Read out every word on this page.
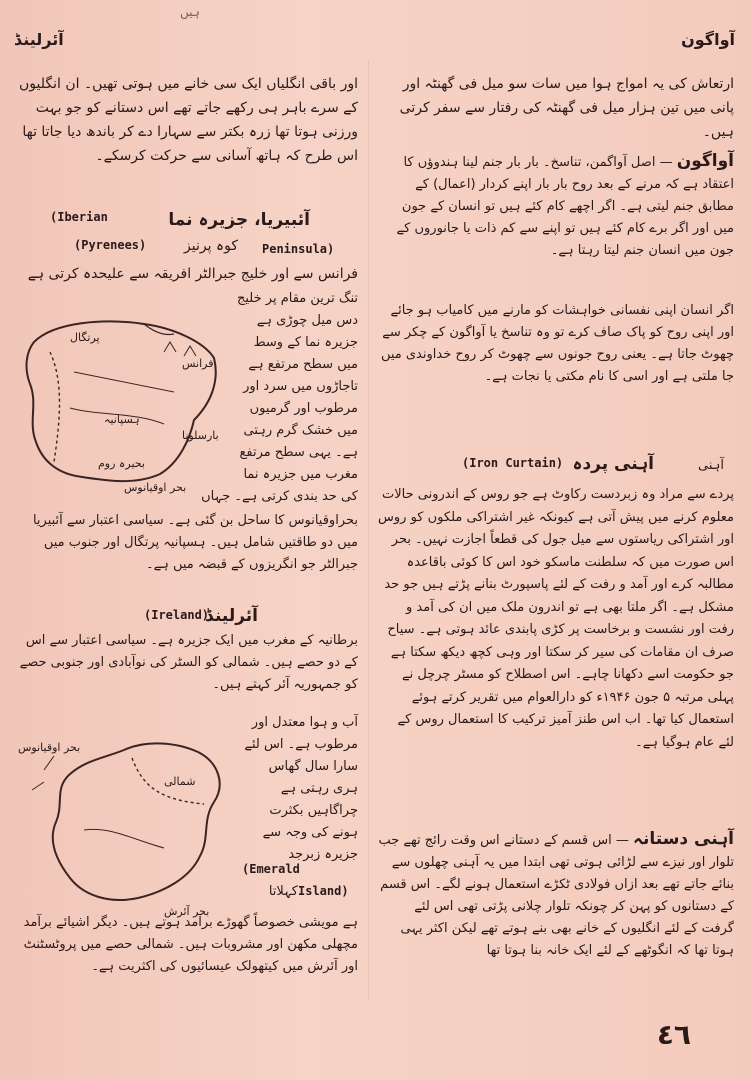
ہیں
آئرلینڈ	آواگون

اور باقی انگلیاں ایک سی خانے میں ہوتی تھیں۔ ان انگلیوں کے سرے باہر ہی رکھے جاتے تھے اس دستانے کو جو بہت ورزنی ہوتا تھا زرہ بکتر سے سہارا دے کر باندھ دیا جاتا تھا اس طرح کہ ہاتھ آسانی سے حرکت کرسکے۔

(Iberian	آئبیریا، جزیرہ نما
(Pyrenees)	کوہ پرنیز Peninsula)

فرانس سے اور خلیج جبرالٹر افریقہ سے علیحدہ کرتی ہے

تنگ ترین مقام پر خلیج دس میل چوڑی ہے جزیرہ نما کے وسط میں سطح مرتفع ہے تاجاڑوں میں سرد اور مرطوب اور گرمیوں میں خشک گرم رہتی ہے۔ یہی سطح مرتفع مغرب میں جزیرہ نما کی حد بندی کرتی ہے۔ جہاں

پرتگال
فرانس
بارسلونا
ہسپانیہ
بحیرہ روم
بحر اوقیانوس

بحراوقیانوس کا ساحل بن گئی ہے۔ سیاسی اعتبار سے آئبیریا میں دو طاقتیں شامل ہیں۔ ہسپانیہ پرتگال اور جنوب میں جبرالٹر جو انگریزوں کے قبضہ میں ہے۔

آئرلینڈ
(Ireland)

برطانیہ کے مغرب میں ایک جزیرہ ہے۔ سیاسی اعتبار سے اس کے دو حصے ہیں۔ شمالی کو السٹر کی نوآبادی اور جنوبی حصے کو جمہوریہ آئر کہتے ہیں۔

آب و ہوا معتدل اور مرطوب ہے۔ اس لئے سارا سال گھاس ہری رہتی ہے چراگاہیں بکثرت ہونے کی وجہ سے جزیرہ زبرجد

(Emerald
کہلاتا Island)
شمالی
بحر اوقیانوس
بحر آئرش

ہے مویشی خصوصاً گھوڑے برآمد ہوتے ہیں۔ دیگر اشیائے برآمد مچھلی مکھن اور مشروبات ہیں۔ شمالی حصے میں پروٹسٹنٹ اور آئرش میں کیتھولک عیسائیوں کی اکثریت ہے۔

ارتعاش کی یہ امواج ہوا میں سات سو میل فی گھنٹہ اور پانی میں تین ہزار میل فی گھنٹہ کی رفتار سے سفر کرتی ہیں۔

آواگون — اصل آواگمن، تناسخ۔ بار بار جنم لینا ہندوؤں کا اعتقاد ہے کہ مرنے کے بعد روح بار بار اپنے کردار (اعمال) کے مطابق جنم لیتی ہے۔ اگر اچھے کام کئے ہیں تو انسان کے جون میں اور اگر برے کام کئے ہیں تو اپنے سے کم ذات یا جانوروں کے جون میں انسان جنم لیتا رہتا ہے۔

اگر انسان اپنی نفسانی خواہشات کو مارنے میں کامیاب ہو جائے اور اپنی روح کو پاک صاف کرے تو وہ تناسخ یا آواگون کے چکر سے چھوٹ جاتا ہے۔ یعنی روح جونوں سے چھوٹ کر روح خداوندی میں جا ملتی ہے اور اسی کا نام مکتی یا نجات ہے۔

آہنی پردہ
(Iron Curtain)	آہنی

پردے سے مراد وہ زبردست رکاوٹ ہے جو روس کے اندرونی حالات معلوم کرنے میں پیش آتی ہے کیونکہ غیر اشتراکی ملکوں کو روس اور اشتراکی ریاستوں سے میل جول کی قطعاً اجازت نہیں۔ بحر اس صورت میں کہ سلطنت ماسکو خود اس کا کوئی باقاعدہ مطالبہ کرے اور آمد و رفت کے لئے پاسپورٹ بنانے پڑتے ہیں جو حد مشکل ہے۔ اگر ملتا بھی ہے تو اندرون ملک میں ان کی آمد و رفت اور نشست و برخاست پر کڑی پابندی عائد ہوتی ہے۔ سیاح صرف ان مقامات کی سیر کر سکتا اور وہی کچھ دیکھ سکتا ہے جو حکومت اسے دکھانا چاہے۔ اس اصطلاح کو مسٹر چرچل نے پہلی مرتبہ ۵ جون ۱۹۴۶ء کو دارالعوام میں تقریر کرتے ہوئے استعمال کیا تھا۔ اب اس طنز آمیز ترکیب کا استعمال روس کے لئے عام ہوگیا ہے۔

آہنی دستانہ — اس قسم کے دستانے اس وقت رائج تھے جب تلوار اور نیزے سے لڑائی ہوتی تھی ابتدا میں یہ آہنی چھلوں سے بنائے جاتے تھے بعد ازاں فولادی ٹکڑے استعمال ہونے لگے۔ اس قسم کے دستانوں کو پہن کر چونکہ تلوار چلانی پڑتی تھی اس لئے گرفت کے لئے انگلیوں کے خانے بھی بنے ہوتے تھے لیکن اکثر یہی ہوتا تھا کہ انگوٹھے کے لئے ایک خانہ بنا ہوتا تھا
٤٦
